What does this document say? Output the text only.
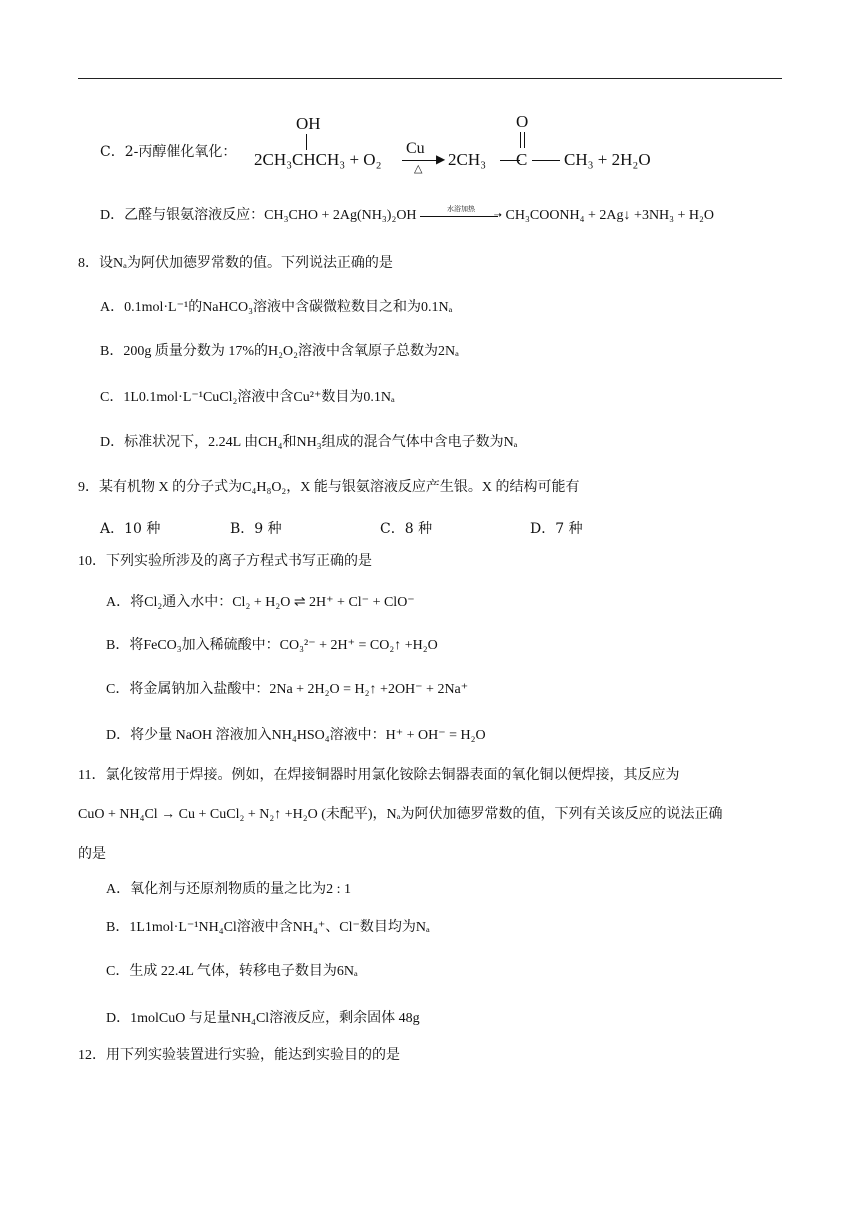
C．2-丙醇催化氧化：
OH
2CH₃CHCH₃ + O₂
Cu
▶
△ 2CH₃
O
C CH₃ + 2H₂O
D．乙醛与银氨溶液反应：CH₃CHO + 2Ag(NH₃)₂OH	水浴加热
➝ CH₃COONH₄ + 2Ag↓ +3NH₃ + H₂O
8．设Nₐ为阿伏加德罗常数的值。下列说法正确的是
A．0.1mol·L⁻¹的NaHCO₃溶液中含碳微粒数目之和为0.1Nₐ
B．200g 质量分数为 17%的H₂O₂溶液中含氧原子总数为2Nₐ
C．1L0.1mol·L⁻¹CuCl₂溶液中含Cu²⁺数目为0.1Nₐ
D．标准状况下，2.24L 由CH₄和NH₃组成的混合气体中含电子数为Nₐ
9．某有机物 X 的分子式为C₄H₈O₂，X 能与银氨溶液反应产生银。X 的结构可能有
A．10 种	B．9 种	C．8 种	D．7 种
10．下列实验所涉及的离子方程式书写正确的是
A．将Cl₂通入水中：Cl₂ + H₂O ⇌ 2H⁺ + Cl⁻ + ClO⁻
B．将FeCO₃加入稀硫酸中：CO₃²⁻ + 2H⁺ = CO₂↑ +H₂O
C．将金属钠加入盐酸中：2Na + 2H₂O = H₂↑ +2OH⁻ + 2Na⁺
D．将少量 NaOH 溶液加入NH₄HSO₄溶液中：H⁺ + OH⁻ = H₂O
11．氯化铵常用于焊接。例如，在焊接铜器时用氯化铵除去铜器表面的氧化铜以便焊接，其反应为
CuO + NH₄Cl → Cu + CuCl₂ + N₂↑ +H₂O (未配平)，Nₐ为阿伏加德罗常数的值，下列有关该反应的说法正确
的是
A．氧化剂与还原剂物质的量之比为2 : 1
B．1L1mol·L⁻¹NH₄Cl溶液中含NH₄⁺、Cl⁻数目均为Nₐ
C．生成 22.4L 气体，转移电子数目为6Nₐ
D．1molCuO 与足量NH₄Cl溶液反应，剩余固体 48g
12．用下列实验装置进行实验，能达到实验目的的是
